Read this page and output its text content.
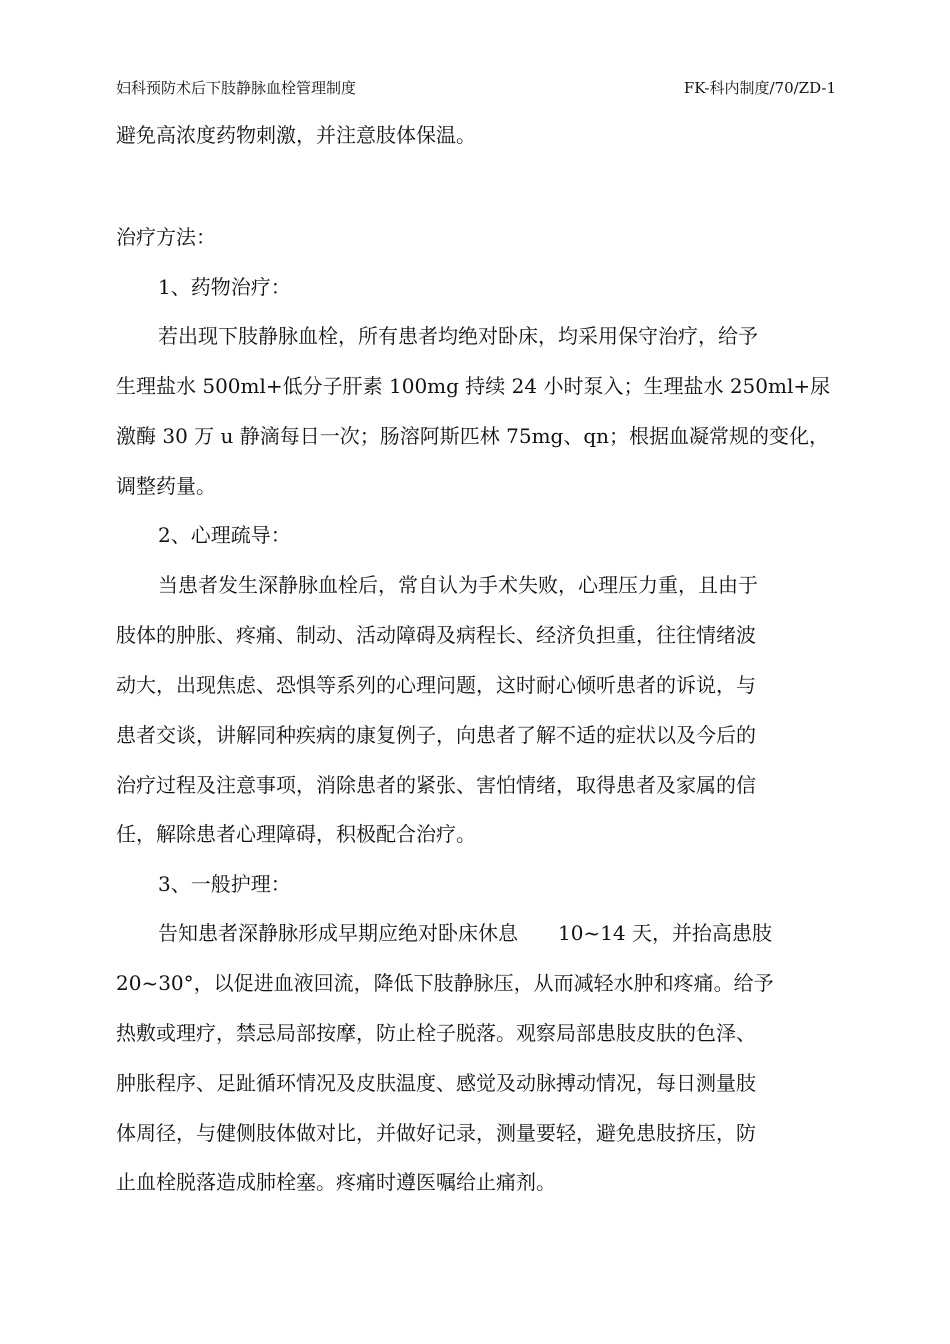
妇科预防术后下肢静脉血栓管理制度	FK-科内制度/70/ZD-1
避免高浓度药物刺激，并注意肢体保温。
治疗方法：
1、药物治疗：
若出现下肢静脉血栓，所有患者均绝对卧床，均采用保守治疗，给予
生理盐水 500ml+低分子肝素 100mg 持续 24 小时泵入；生理盐水 250ml+尿
激酶 30 万 u 静滴每日一次；肠溶阿斯匹林 75mg、qn；根据血凝常规的变化，
调整药量。
2、心理疏导：
当患者发生深静脉血栓后，常自认为手术失败，心理压力重，且由于
肢体的肿胀、疼痛、制动、活动障碍及病程长、经济负担重，往往情绪波
动大，出现焦虑、恐惧等系列的心理问题，这时耐心倾听患者的诉说，与
患者交谈，讲解同种疾病的康复例子，向患者了解不适的症状以及今后的
治疗过程及注意事项，消除患者的紧张、害怕情绪，取得患者及家属的信
任，解除患者心理障碍，积极配合治疗。
3、一般护理：
告知患者深静脉形成早期应绝对卧床休息　　10~14 天，并抬高患肢
20~30°，以促进血液回流，降低下肢静脉压，从而减轻水肿和疼痛。给予
热敷或理疗，禁忌局部按摩，防止栓子脱落。观察局部患肢皮肤的色泽、
肿胀程序、足趾循环情况及皮肤温度、感觉及动脉搏动情况，每日测量肢
体周径，与健侧肢体做对比，并做好记录，测量要轻，避免患肢挤压，防
止血栓脱落造成肺栓塞。疼痛时遵医嘱给止痛剂。
